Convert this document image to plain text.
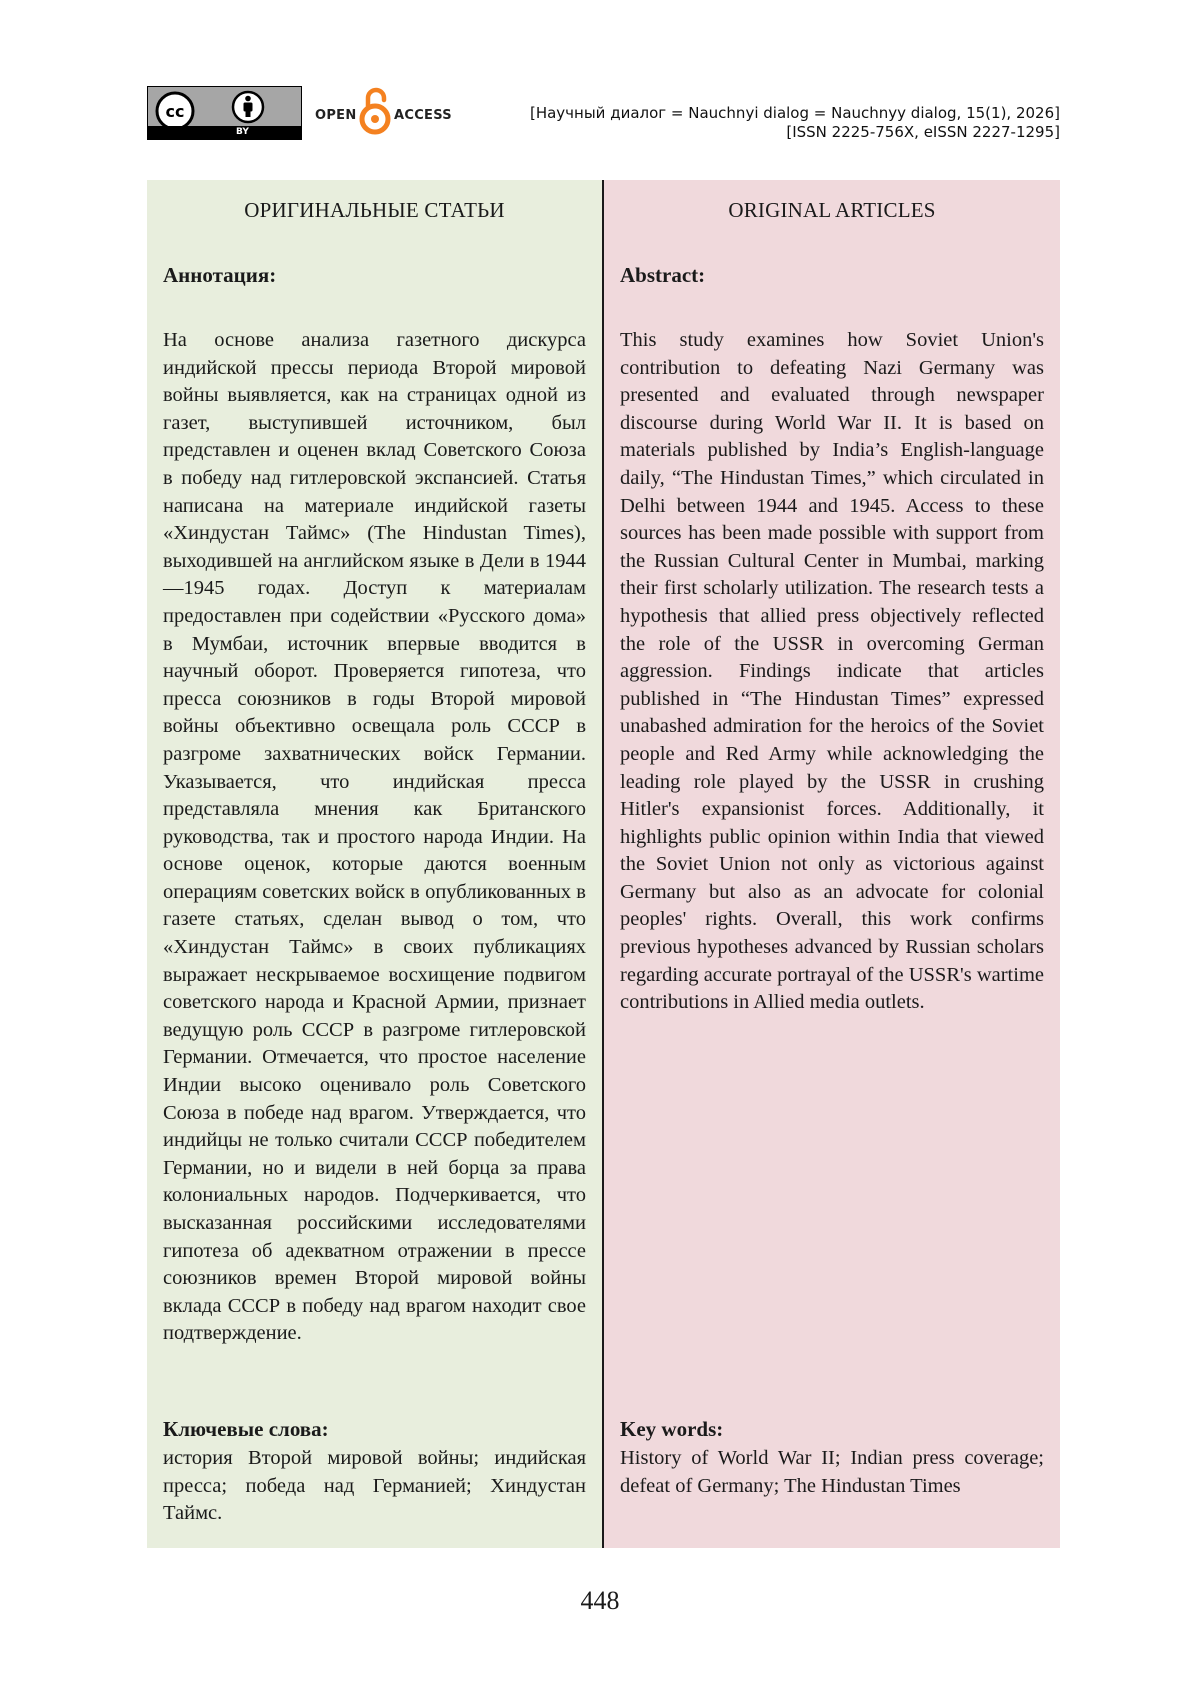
cc
BY
OPEN	ACCESS	[Научный диалог = Nauchnyi dialog = Nauchnyy dialog, 15(1), 2026]
[ISSN 2225-756X, eISSN 2227-1295]
ОРИГИНАЛЬНЫЕ СТАТЬИ
Аннотация:
На основе анализа газетного дискурса индийской прессы периода Второй мировой войны выявляется, как на страницах одной из газет, выступившей источником, был представлен и оценен вклад Советского Союза в победу над гитлеровской экспансией. Статья написана на материале индийской газеты «Хиндустан Таймс» (The Hindustan Times), выходившей на английском языке в Дели в 1944—1945 годах. Доступ к материалам предоставлен при содействии «Русского дома» в Мумбаи, источник впервые вводится в научный оборот. Проверяется гипотеза, что пресса союзников в годы Второй мировой войны объективно освещала роль СССР в разгроме захватнических войск Германии. Указывается, что индийская пресса представляла мнения как Британского руководства, так и простого народа Индии. На основе оценок, которые даются военным операциям советских войск в опубликованных в газете статьях, сделан вывод о том, что «Хиндустан Таймс» в своих публикациях выражает нескрываемое восхищение подвигом советского народа и Красной Армии, признает ведущую роль СССР в разгроме гитлеровской Германии. Отмечается, что простое население Индии высоко оценивало роль Советского Союза в победе над врагом. Утверждается, что индийцы не только считали СССР победителем Германии, но и видели в ней борца за права колониальных народов. Подчеркивается, что высказанная российскими исследователями гипотеза об адекватном отражении в прессе союзников времен Второй мировой войны вклада СССР в победу над врагом находит свое подтверждение.
Ключевые слова:
история Второй мировой войны; индийская пресса; победа над Германией; Хиндустан Таймс.
ORIGINAL ARTICLES
Abstract:
This study examines how Soviet Union's contribution to defeating Nazi Germany was presented and evaluated through newspaper discourse during World War II. It is based on materials published by India’s English-language daily, “The Hindustan Times,” which circulated in Delhi between 1944 and 1945. Access to these sources has been made possible with support from the Russian Cultural Center in Mumbai, marking their first scholarly utilization. The research tests a hypothesis that allied press objectively reflected the role of the USSR in overcoming German aggression. Findings indicate that articles published in “The Hindustan Times” expressed unabashed admiration for the heroics of the Soviet people and Red Army while acknowledging the leading role played by the USSR in crushing Hitler's expansionist forces. Additionally, it highlights public opinion within India that viewed the Soviet Union not only as victorious against Germany but also as an advocate for colonial peoples' rights. Overall, this work confirms previous hypotheses advanced by Russian scholars regarding accurate portrayal of the USSR's wartime contributions in Allied media outlets.
Key words:
History of World War II; Indian press coverage; defeat of Germany; The Hindustan Times
448
